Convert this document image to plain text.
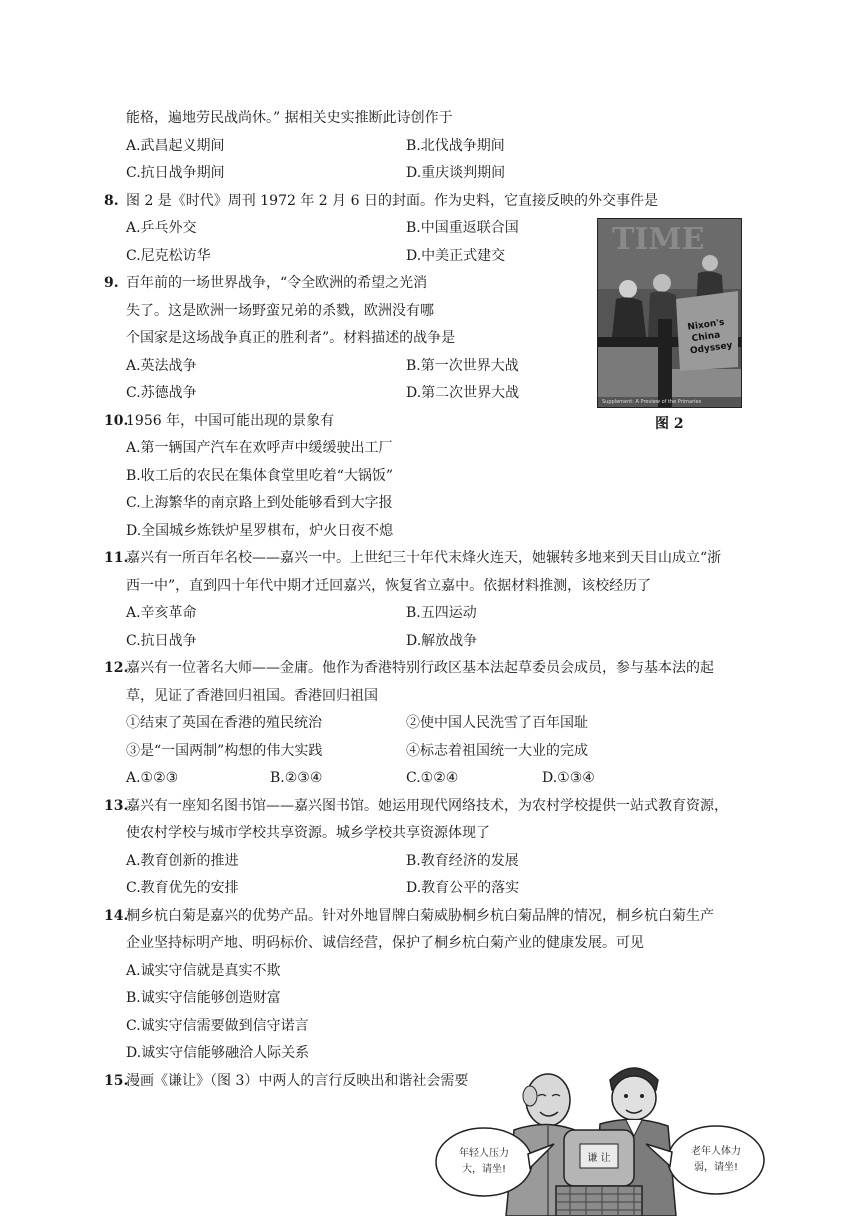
能格，遍地劳民战尚休。” 据相关史实推断此诗创作于
A.武昌起义期间	B.北伐战争期间
C.抗日战争期间	D.重庆谈判期间
8. 图 2 是《时代》周刊 1972 年 2 月 6 日的封面。作为史料，它直接反映的外交事件是
A.乒乓外交	B.中国重返联合国
C.尼克松访华	D.中美正式建交	TIME
Nixon's
China
Odyssey
Supplement: A Preview of the Primaries
图 2
9. 百年前的一场世界战争，“令全欧洲的希望之光消
失了。这是欧洲一场野蛮兄弟的杀戮，欧洲没有哪
个国家是这场战争真正的胜利者”。材料描述的战争是
A.英法战争	B.第一次世界大战
C.苏德战争	D.第二次世界大战
10.
1956 年，中国可能出现的景象有
A.第一辆国产汽车在欢呼声中缓缓驶出工厂
B.收工后的农民在集体食堂里吃着“大锅饭”
C.上海繁华的南京路上到处能够看到大字报
D.全国城乡炼铁炉星罗棋布，炉火日夜不熄
11.
嘉兴有一所百年名校——嘉兴一中。上世纪三十年代末烽火连天，她辗转多地来到天目山成立“浙
西一中”，直到四十年代中期才迁回嘉兴，恢复省立嘉中。依据材料推测，该校经历了
A.辛亥革命	B.五四运动
C.抗日战争	D.解放战争
12.
嘉兴有一位著名大师——金庸。他作为香港特别行政区基本法起草委员会成员，参与基本法的起
草，见证了香港回归祖国。香港回归祖国
①结束了英国在香港的殖民统治	②使中国人民洗雪了百年国耻
③是“一国两制”构想的伟大实践	④标志着祖国统一大业的完成
A.①②③	B.②③④	C.①②④	D.①③④
13.
嘉兴有一座知名图书馆——嘉兴图书馆。她运用现代网络技术，为农村学校提供一站式教育资源，
使农村学校与城市学校共享资源。城乡学校共享资源体现了
A.教育创新的推进	B.教育经济的发展
C.教育优先的安排	D.教育公平的落实
14.
桐乡杭白菊是嘉兴的优势产品。针对外地冒牌白菊威胁桐乡杭白菊品牌的情况，桐乡杭白菊生产
企业坚持标明产地、明码标价、诚信经营，保护了桐乡杭白菊产业的健康发展。可见
A.诚实守信就是真实不欺
B.诚实守信能够创造财富
C.诚实守信需要做到信守诺言
D.诚实守信能够融洽人际关系
15.
漫画《谦让》（图 3）中两人的言行反映出和谐社会需要
谦 让
年轻人压力
大，请坐!
老年人体力
弱，请坐!
